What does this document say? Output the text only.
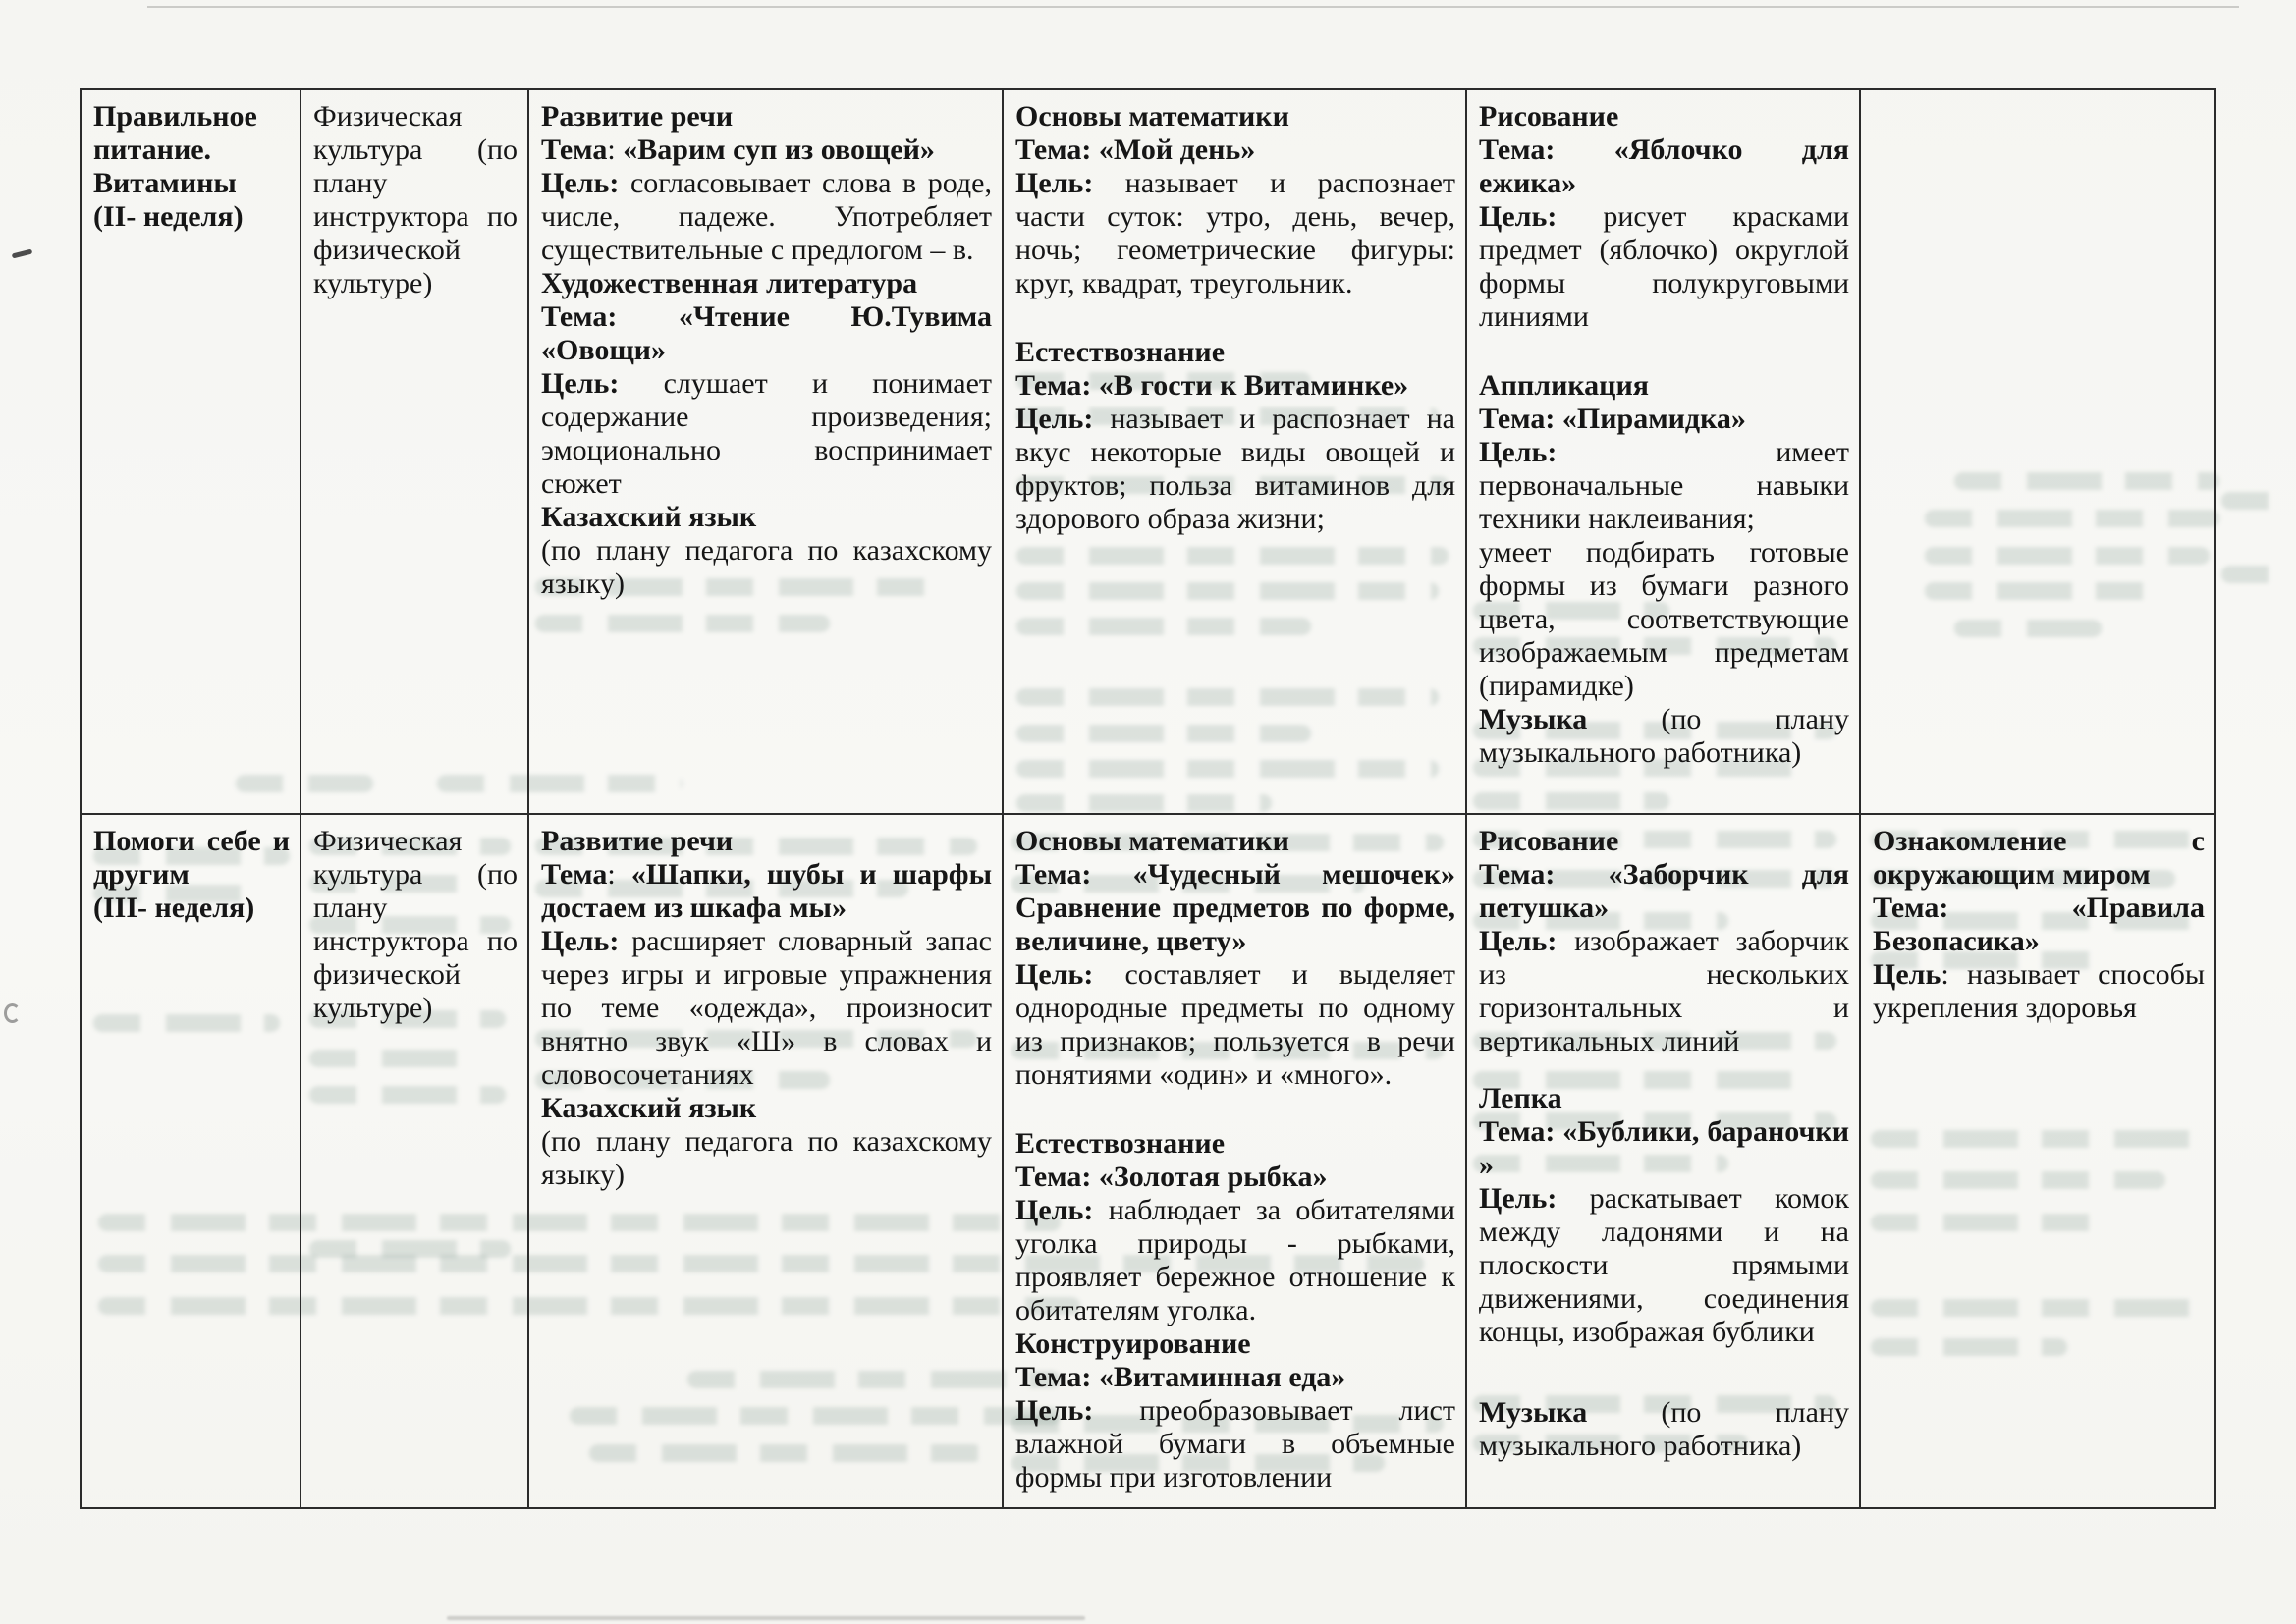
Правильное питание.

Витамины

(II- неделя)

Физическая культура (по плану инструктора по физической культуре)

Развитие речи

Тема: «Варим суп из овощей»

Цель: согласовывает слова в роде, числе, падеже. Употребляет существительные с предлогом – в.

Художественная литература

Тема: «Чтение Ю.Тувима «Овощи»

Цель: слушает и понимает содержание произведения; эмоционально воспринимает сюжет

Казахский язык

(по плану педагога по казахскому языку)

Основы математики

Тема: «Мой день»

Цель: называет и распознает части суток: утро, день, вечер, ночь; геометрические фигуры: круг, квадрат, треугольник.

Естествознание

Тема: «В гости к Витаминке»

Цель: называет и распознает на вкус некоторые виды овощей и фруктов; польза витаминов для здорового образа жизни;

Рисование

Тема: «Яблочко для ежика»

Цель: рисует красками предмет (яблочко) округлой формы полукруговыми линиями

Аппликация

Тема: «Пирамидка»

Цель: имеет первоначальные навыки техники наклеивания;

умеет подбирать готовые формы из бумаги разного цвета, соответствующие изображаемым предметам (пирамидке)

Музыка (по плану музыкального работника)

Помоги себе и другим

(III- неделя)

Физическая культура (по плану инструктора по физической культуре)

Развитие речи

Тема: «Шапки, шубы и шарфы достаем из шкафа мы»

Цель: расширяет словарный запас через игры и игровые упражнения по теме «одежда», произносит внятно звук «Ш» в словах и словосочетаниях

Казахский язык

(по плану педагога по казахскому языку)

Основы математики

Тема: «Чудесный мешочек» Сравнение предметов по форме, величине, цвету»

Цель: составляет и выделяет однородные предметы по одному из признаков; пользуется в речи понятиями «один» и «много».

Естествознание

Тема: «Золотая рыбка»

Цель: наблюдает за обитателями уголка природы - рыбками, проявляет бережное отношение к обитателям уголка.

Конструирование

Тема: «Витаминная еда»

Цель: преобразовывает лист влажной бумаги в объемные формы при изготовлении

Рисование

Тема: «Заборчик для петушка»

Цель: изображает заборчик из нескольких горизонтальных и вертикальных линий

Лепка

Тема: «Бублики, бараночки »

Цель: раскатывает комок между ладонями и на плоскости прямыми движениями, соединения концы, изображая бублики

Музыка (по плану музыкального работника)

Ознакомление с окружающим миром

Тема: «Правила Безопасика»

Цель: называет способы укрепления здоровья
